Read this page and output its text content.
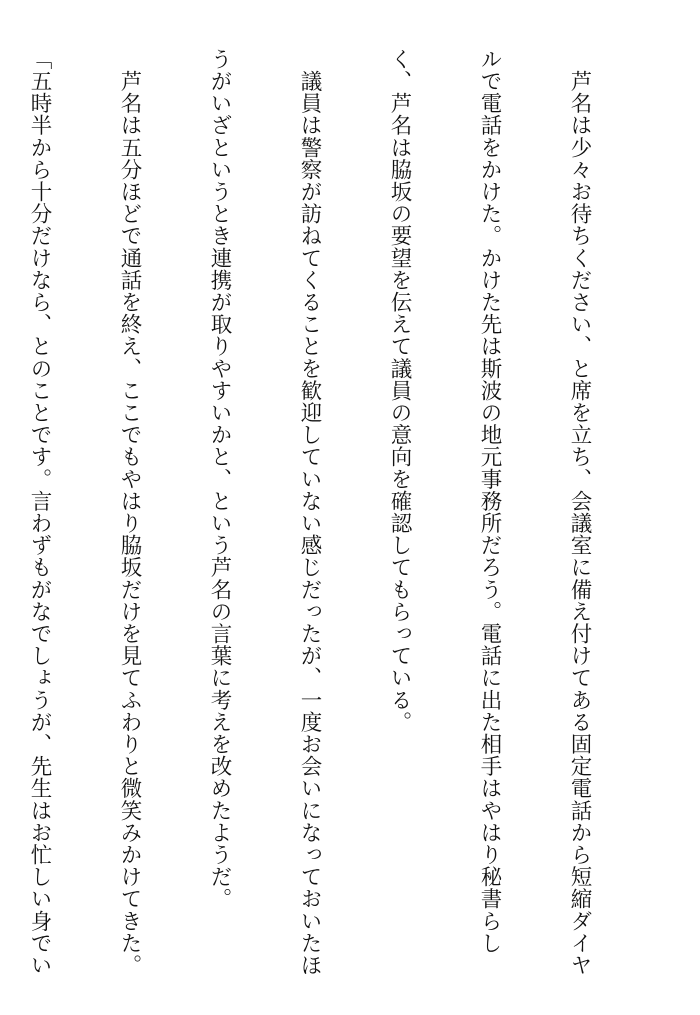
　芦名は少々お待ちください、と席を立ち、会議室に備え付けてある固定電話から短縮ダイヤ

ルで電話をかけた。かけた先は斯波の地元事務所だろう。電話に出た相手はやはり秘書らし

く、芦名は脇坂の要望を伝えて議員の意向を確認してもらっている。

　議員は警察が訪ねてくることを歓迎していない感じだったが、一度お会いになっておいたほ

うがいざというとき連携が取りやすいかと、という芦名の言葉に考えを改めたようだ。

　芦名は五分ほどで通話を終え、ここでもやはり脇坂だけを見てふわりと微笑みかけてきた。

「五時半から十分だけなら、とのことです。言わずもがなでしょうが、先生はお忙しい身でい
